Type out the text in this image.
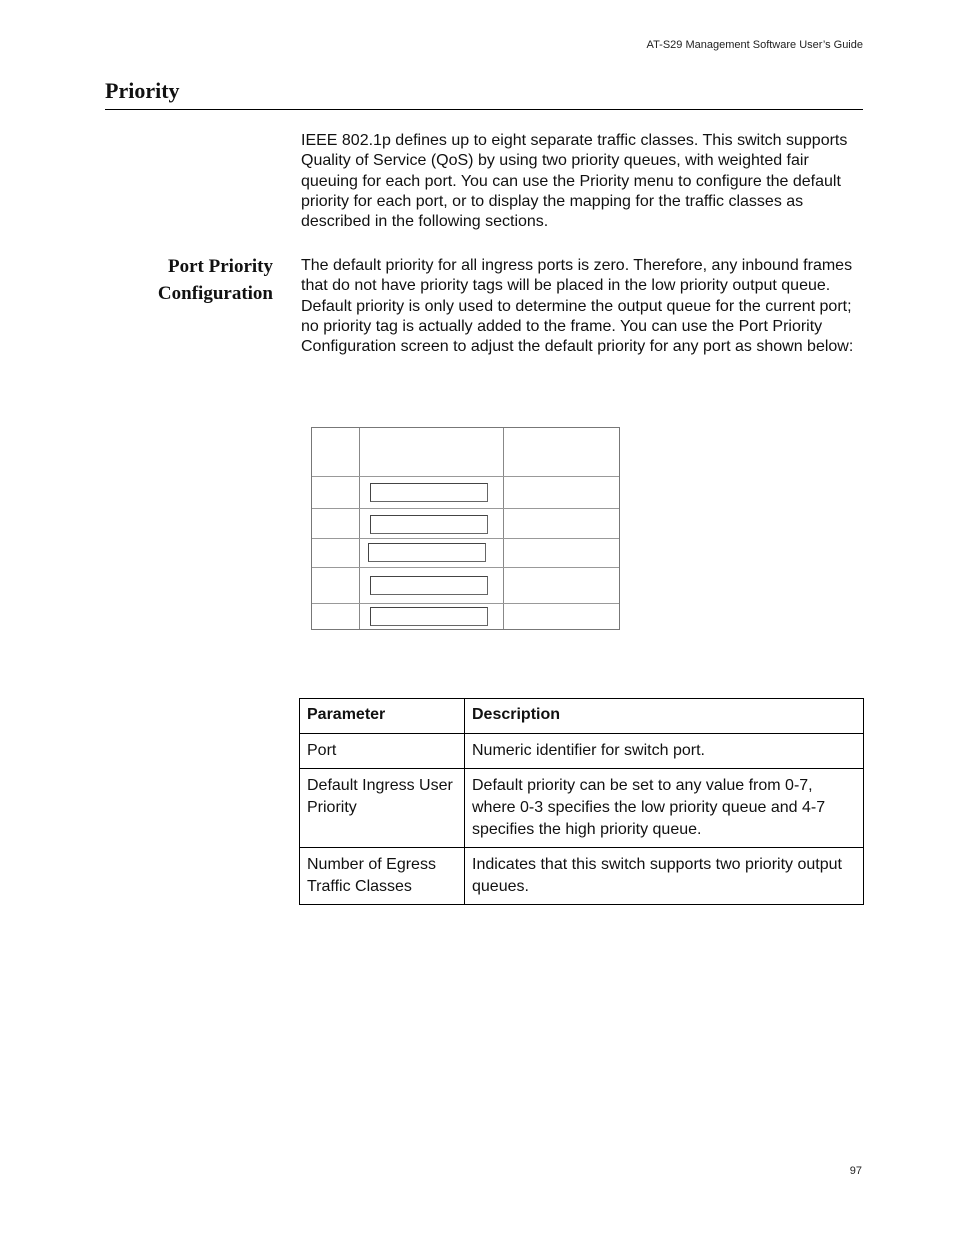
AT-S29 Management Software User’s Guide
Priority

IEEE 802.1p defines up to eight separate traffic classes. This switch supports Quality of Service (QoS) by using two priority queues, with weighted fair queuing for each port. You can use the Priority menu to configure the default priority for each port, or to display the mapping for the traffic classes as described in the following sections.

Port Priority
Configuration

The default priority for all ingress ports is zero. Therefore, any inbound frames that do not have priority tags will be placed in the low priority output queue. Default priority is only used to determine the output queue for the current port; no priority tag is actually added to the frame. You can use the Port Priority Configuration screen to adjust the default priority for any port as shown below:

Parameter	Description
Port	Numeric identifier for switch port.
Default Ingress User Priority	Default priority can be set to any value from 0-7, where 0-3 specifies the low priority queue and 4-7 specifies the high priority queue.
Number of Egress Traffic Classes	Indicates that this switch supports two priority output queues.
97
